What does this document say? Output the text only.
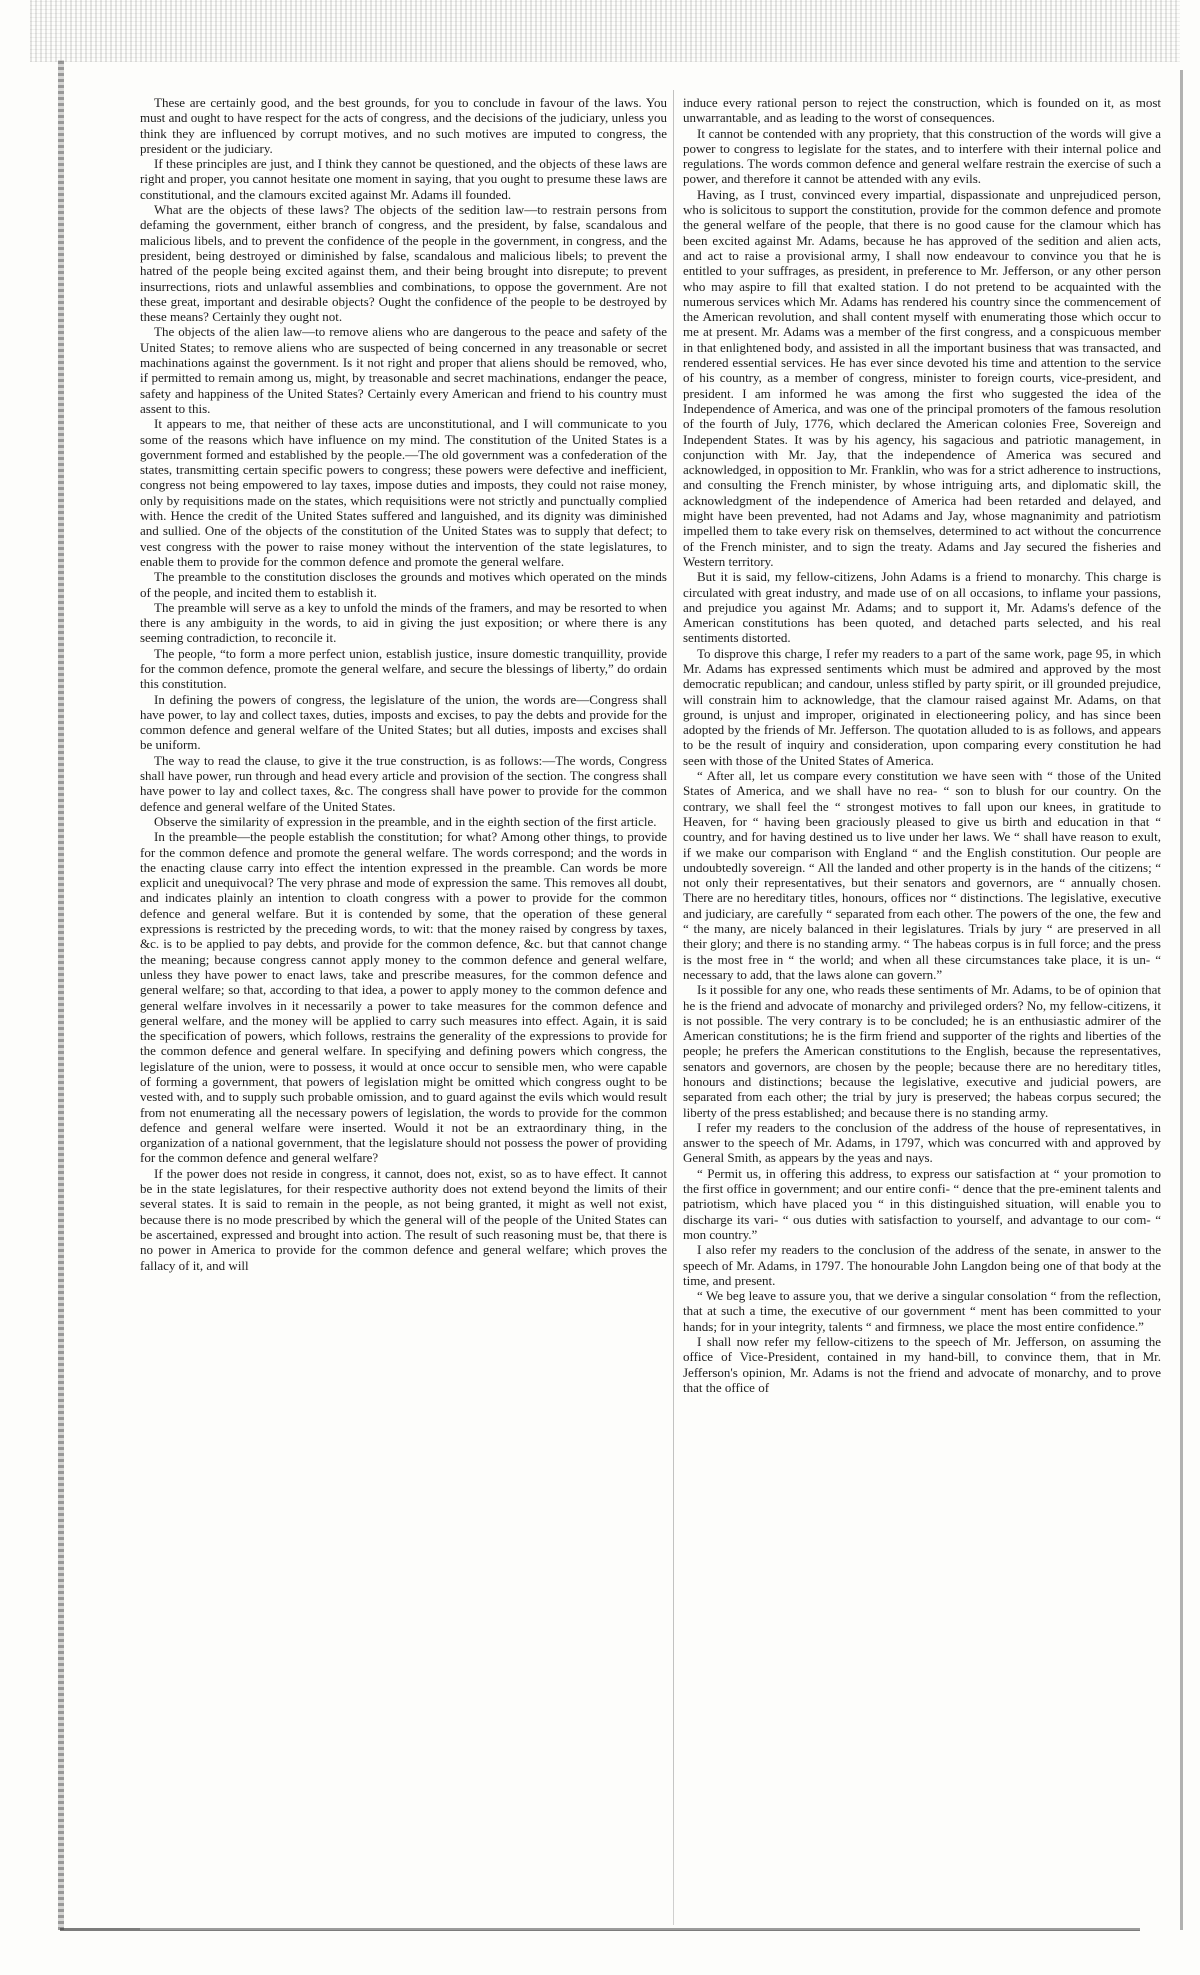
These are certainly good, and the best grounds, for you to conclude in favour of the laws. You must and ought to have respect for the acts of congress, and the decisions of the judiciary, unless you think they are influenced by corrupt motives, and no such motives are imputed to congress, the president or the judiciary.

If these principles are just, and I think they cannot be questioned, and the objects of these laws are right and proper, you cannot hesitate one moment in saying, that you ought to presume these laws are constitutional, and the clamours excited against Mr. Adams ill founded.

What are the objects of these laws? The objects of the sedition law—to restrain persons from defaming the government, either branch of congress, and the president, by false, scandalous and malicious libels, and to prevent the confidence of the people in the government, in congress, and the president, being destroyed or diminished by false, scandalous and malicious libels; to prevent the hatred of the people being excited against them, and their being brought into disrepute; to prevent insurrections, riots and unlawful assemblies and combinations, to oppose the government. Are not these great, important and desirable objects? Ought the confidence of the people to be destroyed by these means? Certainly they ought not.

The objects of the alien law—to remove aliens who are dangerous to the peace and safety of the United States; to remove aliens who are suspected of being concerned in any treasonable or secret machinations against the government. Is it not right and proper that aliens should be removed, who, if permitted to remain among us, might, by treasonable and secret machinations, endanger the peace, safety and happiness of the United States? Certainly every American and friend to his country must assent to this.

It appears to me, that neither of these acts are unconstitutional, and I will communicate to you some of the reasons which have influence on my mind. The constitution of the United States is a government formed and established by the people.—The old government was a confederation of the states, transmitting certain specific powers to congress; these powers were defective and inefficient, congress not being empowered to lay taxes, impose duties and imposts, they could not raise money, only by requisitions made on the states, which requisitions were not strictly and punctually complied with. Hence the credit of the United States suffered and languished, and its dignity was diminished and sullied. One of the objects of the constitution of the United States was to supply that defect; to vest congress with the power to raise money without the intervention of the state legislatures, to enable them to provide for the common defence and promote the general welfare.

The preamble to the constitution discloses the grounds and motives which operated on the minds of the people, and incited them to establish it.

The preamble will serve as a key to unfold the minds of the framers, and may be resorted to when there is any ambiguity in the words, to aid in giving the just exposition; or where there is any seeming contradiction, to reconcile it.

The people, “to form a more perfect union, establish justice, insure domestic tranquillity, provide for the common defence, promote the general welfare, and secure the blessings of liberty,” do ordain this constitution.

In defining the powers of congress, the legislature of the union, the words are—Congress shall have power, to lay and collect taxes, duties, imposts and excises, to pay the debts and provide for the common defence and general welfare of the United States; but all duties, imposts and excises shall be uniform.

The way to read the clause, to give it the true construction, is as follows:—The words, Congress shall have power, run through and head every article and provision of the section. The congress shall have power to lay and collect taxes, &c. The congress shall have power to provide for the common defence and general welfare of the United States.

Observe the similarity of expression in the preamble, and in the eighth section of the first article.

In the preamble—the people establish the constitution; for what? Among other things, to provide for the common defence and promote the general welfare. The words correspond; and the words in the enacting clause carry into effect the intention expressed in the preamble. Can words be more explicit and unequivocal? The very phrase and mode of expression the same. This removes all doubt, and indicates plainly an intention to cloath congress with a power to provide for the common defence and general welfare. But it is contended by some, that the operation of these general expressions is restricted by the preceding words, to wit: that the money raised by congress by taxes, &c. is to be applied to pay debts, and provide for the common defence, &c. but that cannot change the meaning; because congress cannot apply money to the common defence and general welfare, unless they have power to enact laws, take and prescribe measures, for the common defence and general welfare; so that, according to that idea, a power to apply money to the common defence and general welfare involves in it necessarily a power to take measures for the common defence and general welfare, and the money will be applied to carry such measures into effect. Again, it is said the specification of powers, which follows, restrains the generality of the expressions to provide for the common defence and general welfare. In specifying and defining powers which congress, the legislature of the union, were to possess, it would at once occur to sensible men, who were capable of forming a government, that powers of legislation might be omitted which congress ought to be vested with, and to supply such probable omission, and to guard against the evils which would result from not enumerating all the necessary powers of legislation, the words to provide for the common defence and general welfare were inserted. Would it not be an extraordinary thing, in the organization of a national government, that the legislature should not possess the power of providing for the common defence and general welfare?

If the power does not reside in congress, it cannot, does not, exist, so as to have effect. It cannot be in the state legislatures, for their respective authority does not extend beyond the limits of their several states. It is said to remain in the people, as not being granted, it might as well not exist, because there is no mode prescribed by which the general will of the people of the United States can be ascertained, expressed and brought into action. The result of such reasoning must be, that there is no power in America to provide for the common defence and general welfare; which proves the fallacy of it, and will

induce every rational person to reject the construction, which is founded on it, as most unwarrantable, and as leading to the worst of consequences.

It cannot be contended with any propriety, that this construction of the words will give a power to congress to legislate for the states, and to interfere with their internal police and regulations. The words common defence and general welfare restrain the exercise of such a power, and therefore it cannot be attended with any evils.

Having, as I trust, convinced every impartial, dispassionate and unprejudiced person, who is solicitous to support the constitution, provide for the common defence and promote the general welfare of the people, that there is no good cause for the clamour which has been excited against Mr. Adams, because he has approved of the sedition and alien acts, and act to raise a provisional army, I shall now endeavour to convince you that he is entitled to your suffrages, as president, in preference to Mr. Jefferson, or any other person who may aspire to fill that exalted station. I do not pretend to be acquainted with the numerous services which Mr. Adams has rendered his country since the commencement of the American revolution, and shall content myself with enumerating those which occur to me at present. Mr. Adams was a member of the first congress, and a conspicuous member in that enlightened body, and assisted in all the important business that was transacted, and rendered essential services. He has ever since devoted his time and attention to the service of his country, as a member of congress, minister to foreign courts, vice-president, and president. I am informed he was among the first who suggested the idea of the Independence of America, and was one of the principal promoters of the famous resolution of the fourth of July, 1776, which declared the American colonies Free, Sovereign and Independent States. It was by his agency, his sagacious and patriotic management, in conjunction with Mr. Jay, that the independence of America was secured and acknowledged, in opposition to Mr. Franklin, who was for a strict adherence to instructions, and consulting the French minister, by whose intriguing arts, and diplomatic skill, the acknowledgment of the independence of America had been retarded and delayed, and might have been prevented, had not Adams and Jay, whose magnanimity and patriotism impelled them to take every risk on themselves, determined to act without the concurrence of the French minister, and to sign the treaty. Adams and Jay secured the fisheries and Western territory.

But it is said, my fellow-citizens, John Adams is a friend to monarchy. This charge is circulated with great industry, and made use of on all occasions, to inflame your passions, and prejudice you against Mr. Adams; and to support it, Mr. Adams's defence of the American constitutions has been quoted, and detached parts selected, and his real sentiments distorted.

To disprove this charge, I refer my readers to a part of the same work, page 95, in which Mr. Adams has expressed sentiments which must be admired and approved by the most democratic republican; and candour, unless stifled by party spirit, or ill grounded prejudice, will constrain him to acknowledge, that the clamour raised against Mr. Adams, on that ground, is unjust and improper, originated in electioneering policy, and has since been adopted by the friends of Mr. Jefferson. The quotation alluded to is as follows, and appears to be the result of inquiry and consideration, upon comparing every constitution he had seen with those of the United States of America.

“ After all, let us compare every constitution we have seen with “ those of the United States of America, and we shall have no rea- “ son to blush for our country. On the contrary, we shall feel the “ strongest motives to fall upon our knees, in gratitude to Heaven, for “ having been graciously pleased to give us birth and education in that “ country, and for having destined us to live under her laws. We “ shall have reason to exult, if we make our comparison with England “ and the English constitution. Our people are undoubtedly sovereign. “ All the landed and other property is in the hands of the citizens; “ not only their representatives, but their senators and governors, are “ annually chosen. There are no hereditary titles, honours, offices nor “ distinctions. The legislative, executive and judiciary, are carefully “ separated from each other. The powers of the one, the few and “ the many, are nicely balanced in their legislatures. Trials by jury “ are preserved in all their glory; and there is no standing army. “ The habeas corpus is in full force; and the press is the most free in “ the world; and when all these circumstances take place, it is un- “ necessary to add, that the laws alone can govern.”

Is it possible for any one, who reads these sentiments of Mr. Adams, to be of opinion that he is the friend and advocate of monarchy and privileged orders? No, my fellow-citizens, it is not possible. The very contrary is to be concluded; he is an enthusiastic admirer of the American constitutions; he is the firm friend and supporter of the rights and liberties of the people; he prefers the American constitutions to the English, because the representatives, senators and governors, are chosen by the people; because there are no hereditary titles, honours and distinctions; because the legislative, executive and judicial powers, are separated from each other; the trial by jury is preserved; the habeas corpus secured; the liberty of the press established; and because there is no standing army.

I refer my readers to the conclusion of the address of the house of representatives, in answer to the speech of Mr. Adams, in 1797, which was concurred with and approved by General Smith, as appears by the yeas and nays.

“ Permit us, in offering this address, to express our satisfaction at “ your promotion to the first office in government; and our entire confi- “ dence that the pre-eminent talents and patriotism, which have placed you “ in this distinguished situation, will enable you to discharge its vari- “ ous duties with satisfaction to yourself, and advantage to our com- “ mon country.”

I also refer my readers to the conclusion of the address of the senate, in answer to the speech of Mr. Adams, in 1797. The honourable John Langdon being one of that body at the time, and present.

“ We beg leave to assure you, that we derive a singular consolation “ from the reflection, that at such a time, the executive of our government “ ment has been committed to your hands; for in your integrity, talents “ and firmness, we place the most entire confidence.”

I shall now refer my fellow-citizens to the speech of Mr. Jefferson, on assuming the office of Vice-President, contained in my hand-bill, to convince them, that in Mr. Jefferson's opinion, Mr. Adams is not the friend and advocate of monarchy, and to prove that the office of
